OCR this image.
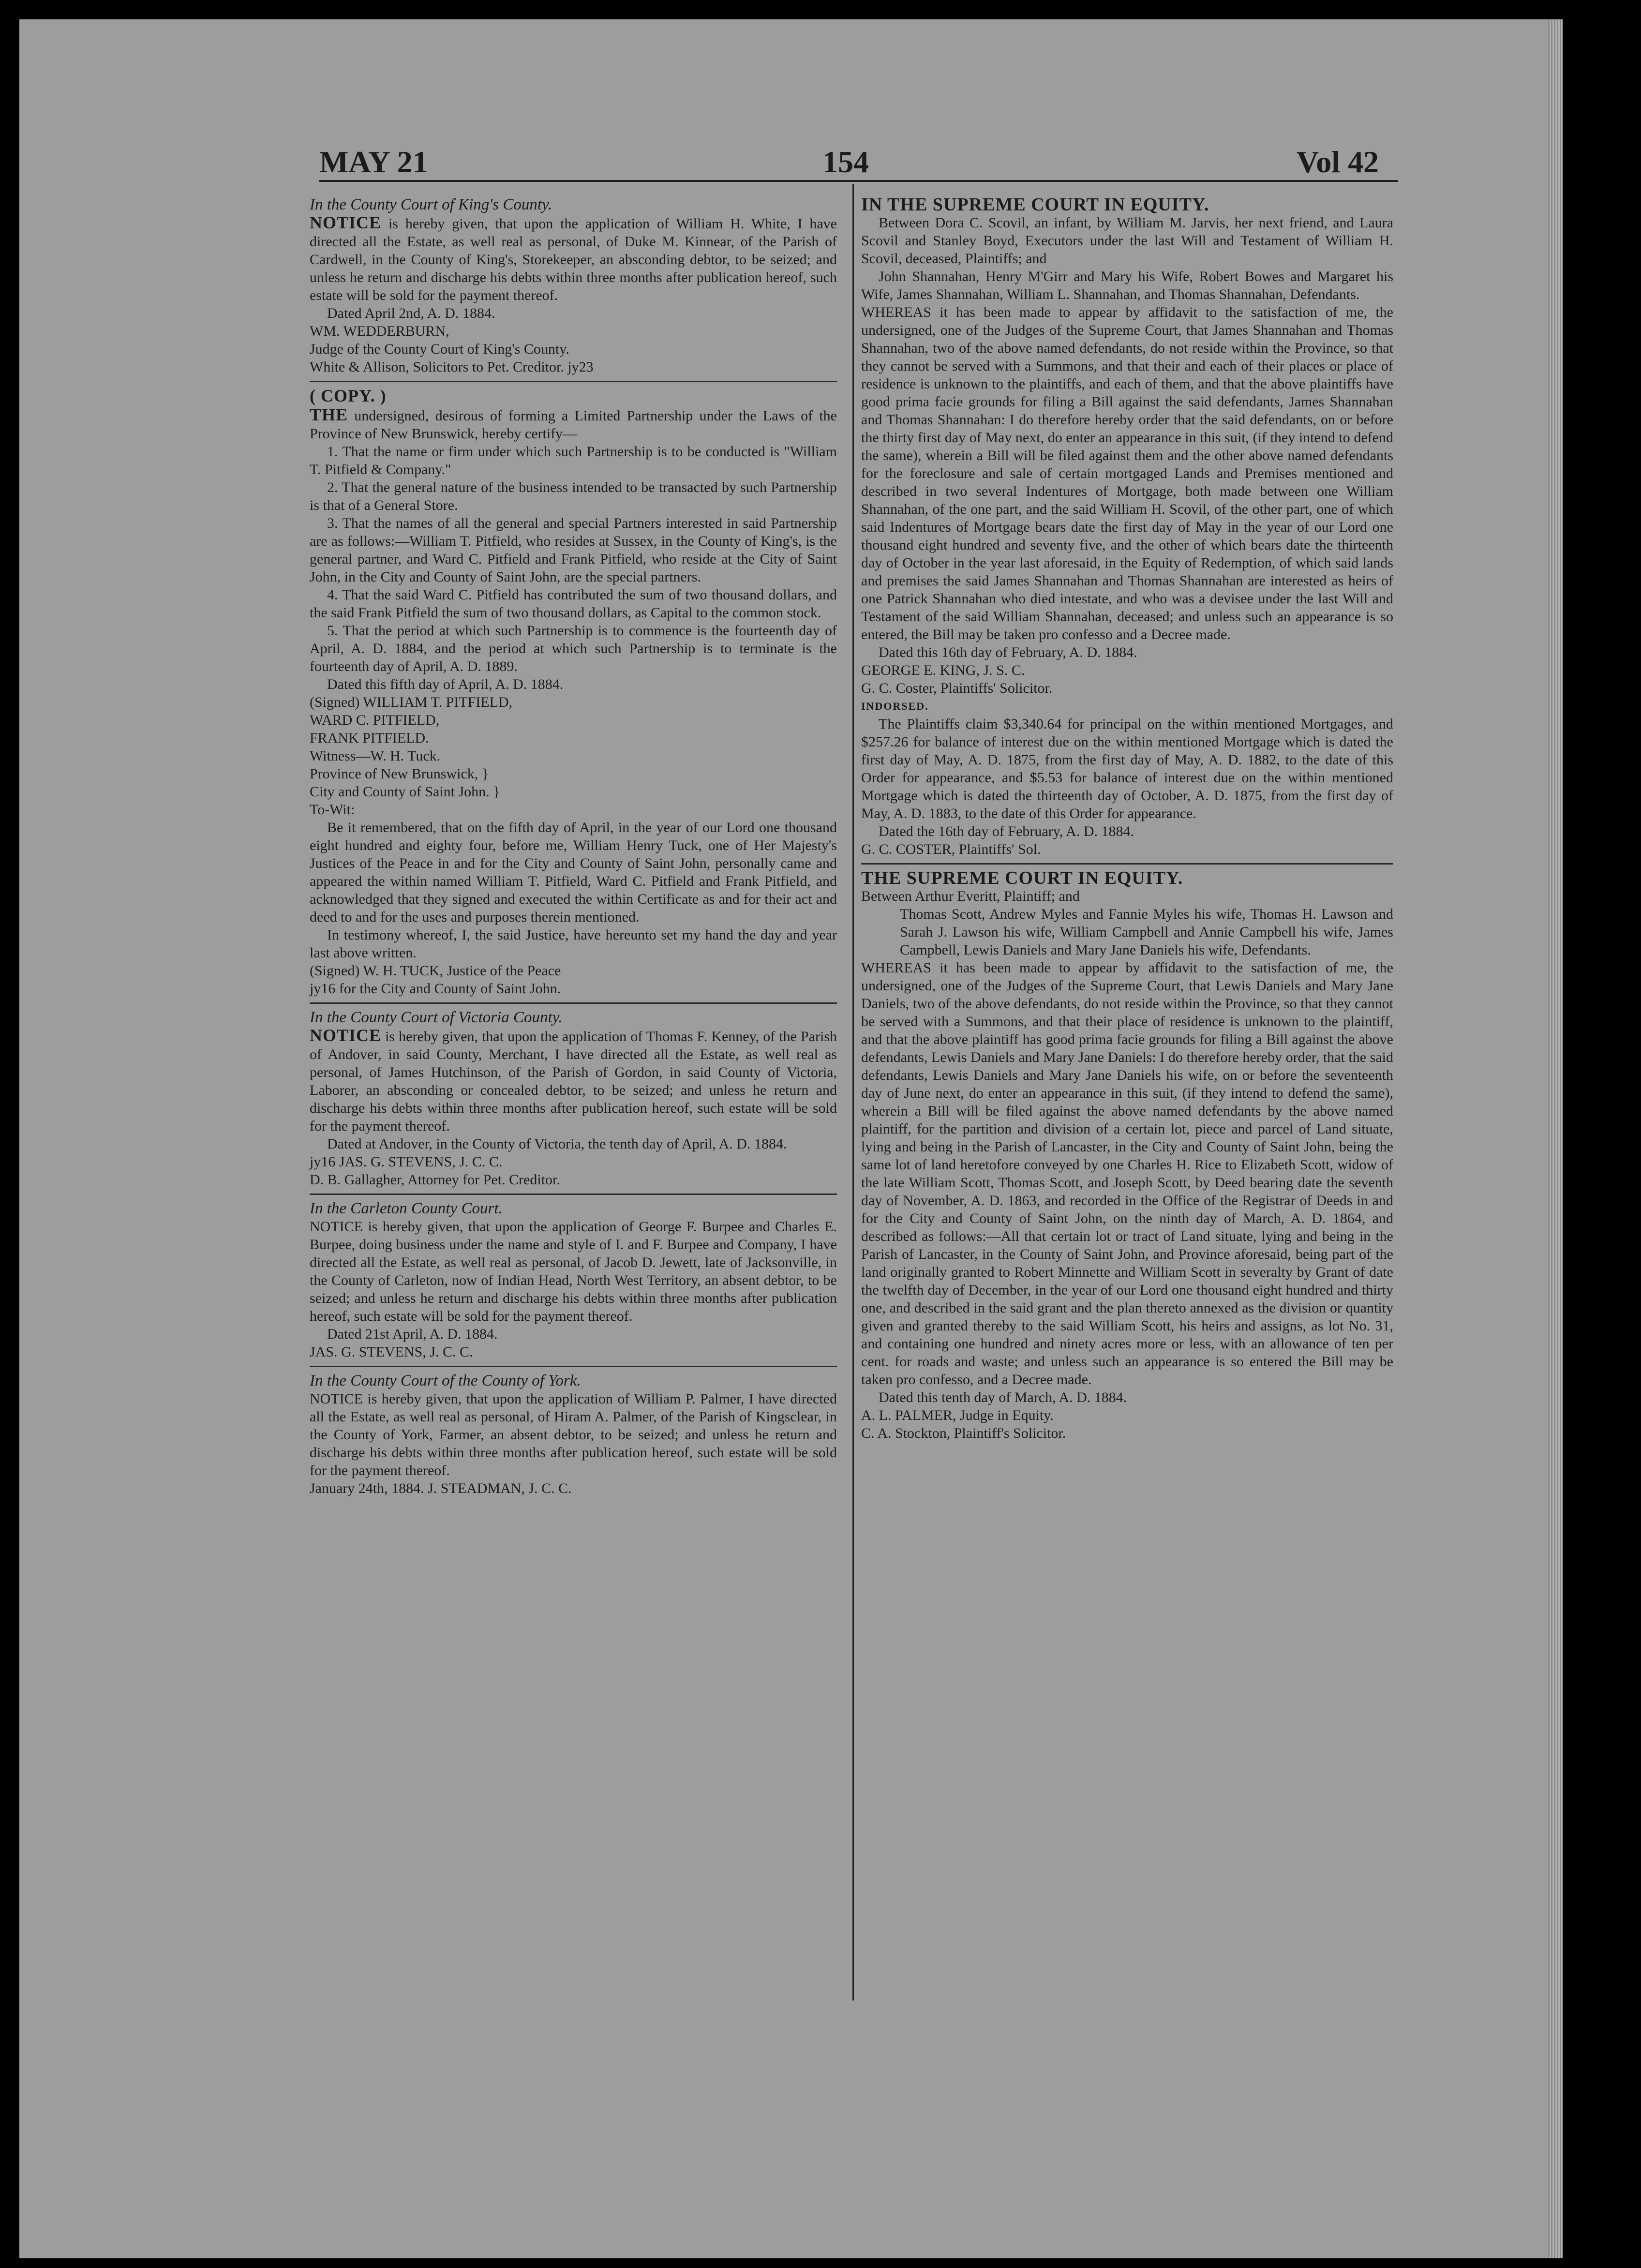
MAY 21	154	Vol 42

In the County Court of King's County.

NOTICE is hereby given, that upon the application of William H. White, I have directed all the Estate, as well real as personal, of Duke M. Kinnear, of the Parish of Cardwell, in the County of King's, Storekeeper, an absconding debtor, to be seized; and unless he return and discharge his debts within three months after publication hereof, such estate will be sold for the payment thereof.

Dated April 2nd, A. D. 1884.

WM. WEDDERBURN,

Judge of the County Court of King's County.

White & Allison, Solicitors to Pet. Creditor. jy23

( COPY. )

THE undersigned, desirous of forming a Limited Partnership under the Laws of the Province of New Brunswick, hereby certify—

1. That the name or firm under which such Partnership is to be conducted is "William T. Pitfield & Company."

2. That the general nature of the business intended to be transacted by such Partnership is that of a General Store.

3. That the names of all the general and special Partners interested in said Partnership are as follows:—William T. Pitfield, who resides at Sussex, in the County of King's, is the general partner, and Ward C. Pitfield and Frank Pitfield, who reside at the City of Saint John, in the City and County of Saint John, are the special partners.

4. That the said Ward C. Pitfield has contributed the sum of two thousand dollars, and the said Frank Pitfield the sum of two thousand dollars, as Capital to the common stock.

5. That the period at which such Partnership is to commence is the fourteenth day of April, A. D. 1884, and the period at which such Partnership is to terminate is the fourteenth day of April, A. D. 1889.

Dated this fifth day of April, A. D. 1884.

(Signed) WILLIAM T. PITFIELD,

WARD C. PITFIELD,

FRANK PITFIELD.

Witness—W. H. Tuck.

Province of New Brunswick, }

City and County of Saint John. }

To-Wit:

Be it remembered, that on the fifth day of April, in the year of our Lord one thousand eight hundred and eighty four, before me, William Henry Tuck, one of Her Majesty's Justices of the Peace in and for the City and County of Saint John, personally came and appeared the within named William T. Pitfield, Ward C. Pitfield and Frank Pitfield, and acknowledged that they signed and executed the within Certificate as and for their act and deed to and for the uses and purposes therein mentioned.

In testimony whereof, I, the said Justice, have hereunto set my hand the day and year last above written.

(Signed) W. H. TUCK, Justice of the Peace

jy16 for the City and County of Saint John.

In the County Court of Victoria County.

NOTICE is hereby given, that upon the application of Thomas F. Kenney, of the Parish of Andover, in said County, Merchant, I have directed all the Estate, as well real as personal, of James Hutchinson, of the Parish of Gordon, in said County of Victoria, Laborer, an absconding or concealed debtor, to be seized; and unless he return and discharge his debts within three months after publication hereof, such estate will be sold for the payment thereof.

Dated at Andover, in the County of Victoria, the tenth day of April, A. D. 1884.

jy16 JAS. G. STEVENS, J. C. C.

D. B. Gallagher, Attorney for Pet. Creditor.

In the Carleton County Court.

NOTICE is hereby given, that upon the application of George F. Burpee and Charles E. Burpee, doing business under the name and style of I. and F. Burpee and Company, I have directed all the Estate, as well real as personal, of Jacob D. Jewett, late of Jacksonville, in the County of Carleton, now of Indian Head, North West Territory, an absent debtor, to be seized; and unless he return and discharge his debts within three months after publication hereof, such estate will be sold for the payment thereof.

Dated 21st April, A. D. 1884.

JAS. G. STEVENS, J. C. C.

In the County Court of the County of York.

NOTICE is hereby given, that upon the application of William P. Palmer, I have directed all the Estate, as well real as personal, of Hiram A. Palmer, of the Parish of Kingsclear, in the County of York, Farmer, an absent debtor, to be seized; and unless he return and discharge his debts within three months after publication hereof, such estate will be sold for the payment thereof.

January 24th, 1884. J. STEADMAN, J. C. C.

IN THE SUPREME COURT IN EQUITY.

Between Dora C. Scovil, an infant, by William M. Jarvis, her next friend, and Laura Scovil and Stanley Boyd, Executors under the last Will and Testament of William H. Scovil, deceased, Plaintiffs; and

John Shannahan, Henry M'Girr and Mary his Wife, Robert Bowes and Margaret his Wife, James Shannahan, William L. Shannahan, and Thomas Shannahan, Defendants.

WHEREAS it has been made to appear by affidavit to the satisfaction of me, the undersigned, one of the Judges of the Supreme Court, that James Shannahan and Thomas Shannahan, two of the above named defendants, do not reside within the Province, so that they cannot be served with a Summons, and that their and each of their places or place of residence is unknown to the plaintiffs, and each of them, and that the above plaintiffs have good prima facie grounds for filing a Bill against the said defendants, James Shannahan and Thomas Shannahan: I do therefore hereby order that the said defendants, on or before the thirty first day of May next, do enter an appearance in this suit, (if they intend to defend the same), wherein a Bill will be filed against them and the other above named defendants for the foreclosure and sale of certain mortgaged Lands and Premises mentioned and described in two several Indentures of Mortgage, both made between one William Shannahan, of the one part, and the said William H. Scovil, of the other part, one of which said Indentures of Mortgage bears date the first day of May in the year of our Lord one thousand eight hundred and seventy five, and the other of which bears date the thirteenth day of October in the year last aforesaid, in the Equity of Redemption, of which said lands and premises the said James Shannahan and Thomas Shannahan are interested as heirs of one Patrick Shannahan who died intestate, and who was a devisee under the last Will and Testament of the said William Shannahan, deceased; and unless such an appearance is so entered, the Bill may be taken pro confesso and a Decree made.

Dated this 16th day of February, A. D. 1884.

GEORGE E. KING, J. S. C.

G. C. Coster, Plaintiffs' Solicitor.

INDORSED.

The Plaintiffs claim $3,340.64 for principal on the within mentioned Mortgages, and $257.26 for balance of interest due on the within mentioned Mortgage which is dated the first day of May, A. D. 1875, from the first day of May, A. D. 1882, to the date of this Order for appearance, and $5.53 for balance of interest due on the within mentioned Mortgage which is dated the thirteenth day of October, A. D. 1875, from the first day of May, A. D. 1883, to the date of this Order for appearance.

Dated the 16th day of February, A. D. 1884.

G. C. COSTER, Plaintiffs' Sol.

THE SUPREME COURT IN EQUITY.

Between Arthur Everitt, Plaintiff; and

Thomas Scott, Andrew Myles and Fannie Myles his wife, Thomas H. Lawson and Sarah J. Lawson his wife, William Campbell and Annie Campbell his wife, James Campbell, Lewis Daniels and Mary Jane Daniels his wife, Defendants.

WHEREAS it has been made to appear by affidavit to the satisfaction of me, the undersigned, one of the Judges of the Supreme Court, that Lewis Daniels and Mary Jane Daniels, two of the above defendants, do not reside within the Province, so that they cannot be served with a Summons, and that their place of residence is unknown to the plaintiff, and that the above plaintiff has good prima facie grounds for filing a Bill against the above defendants, Lewis Daniels and Mary Jane Daniels: I do therefore hereby order, that the said defendants, Lewis Daniels and Mary Jane Daniels his wife, on or before the seventeenth day of June next, do enter an appearance in this suit, (if they intend to defend the same), wherein a Bill will be filed against the above named defendants by the above named plaintiff, for the partition and division of a certain lot, piece and parcel of Land situate, lying and being in the Parish of Lancaster, in the City and County of Saint John, being the same lot of land heretofore conveyed by one Charles H. Rice to Elizabeth Scott, widow of the late William Scott, Thomas Scott, and Joseph Scott, by Deed bearing date the seventh day of November, A. D. 1863, and recorded in the Office of the Registrar of Deeds in and for the City and County of Saint John, on the ninth day of March, A. D. 1864, and described as follows:—All that certain lot or tract of Land situate, lying and being in the Parish of Lancaster, in the County of Saint John, and Province aforesaid, being part of the land originally granted to Robert Minnette and William Scott in severalty by Grant of date the twelfth day of December, in the year of our Lord one thousand eight hundred and thirty one, and described in the said grant and the plan thereto annexed as the division or quantity given and granted thereby to the said William Scott, his heirs and assigns, as lot No. 31, and containing one hundred and ninety acres more or less, with an allowance of ten per cent. for roads and waste; and unless such an appearance is so entered the Bill may be taken pro confesso, and a Decree made.

Dated this tenth day of March, A. D. 1884.

A. L. PALMER, Judge in Equity.

C. A. Stockton, Plaintiff's Solicitor.
